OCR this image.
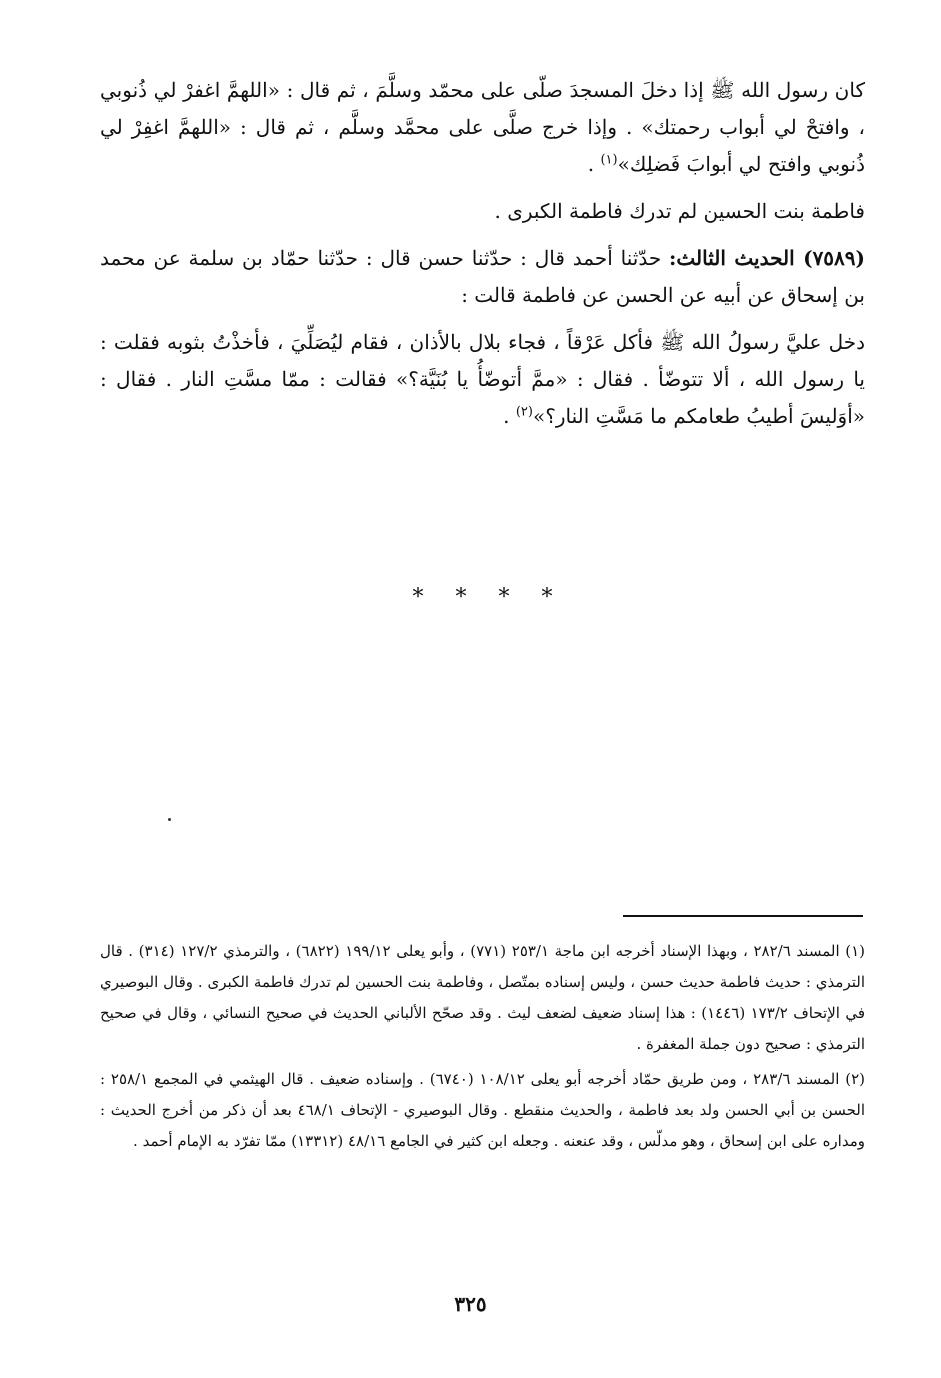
كان رسول الله ﷺ إذا دخلَ المسجدَ صلّى على محمّد وسلَّمَ ، ثم قال : «اللهمَّ اغفرْ لي ذُنوبي ، وافتحْ لي أبواب رحمتك» . وإذا خرج صلَّى على محمَّد وسلَّم ، ثم قال : «اللهمَّ اغفِرْ لي ذُنوبي وافتح لي أبوابَ فَضلِك»$^{(١)}$ .

فاطمة بنت الحسين لم تدرك فاطمة الكبرى .

(٧٥٨٩) الحديث الثالث: حدّثنا أحمد قال : حدّثنا حسن قال : حدّثنا حمّاد بن سلمة عن محمد بن إسحاق عن أبيه عن الحسن عن فاطمة قالت :

دخل عليَّ رسولُ الله ﷺ فأكل عَرْقاً ، فجاء بلال بالأذان ، فقام ليُصَلِّيَ ، فأخذْتُ بثوبه فقلت : يا رسول الله ، ألا تتوضّأ . فقال : «ممَّ أتوضّأُ يا بُنَيَّة؟» فقالت : ممّا مسَّتِ النار . فقال : «أوَليسَ أطيبُ طعامكم ما مَسَّتِ النار؟»$^{(٢)}$ .

* * * *

(١) المسند ٢٨٢/٦ ، وبهذا الإسناد أخرجه ابن ماجة ٢٥٣/١ (٧٧١) ، وأبو يعلى ١٩٩/١٢ (٦٨٢٢) ، والترمذي ١٢٧/٢ (٣١٤) . قال الترمذي : حديث فاطمة حديث حسن ، وليس إسناده بمتّصل ، وفاطمة بنت الحسين لم تدرك فاطمة الكبرى . وقال البوصيري في الإتحاف ١٧٣/٢ (١٤٤٦) : هذا إسناد ضعيف لضعف ليث . وقد صحّح الألباني الحديث في صحيح النسائي ، وقال في صحيح الترمذي : صحيح دون جملة المغفرة .

(٢) المسند ٢٨٣/٦ ، ومن طريق حمّاد أخرجه أبو يعلى ١٠٨/١٢ (٦٧٤٠) . وإسناده ضعيف . قال الهيثمي في المجمع ٢٥٨/١ : الحسن بن أبي الحسن ولد بعد فاطمة ، والحديث منقطع . وقال البوصيري - الإتحاف ٤٦٨/١ بعد أن ذكر من أخرج الحديث : ومداره على ابن إسحاق ، وهو مدلّس ، وقد عنعنه . وجعله ابن كثير في الجامع ٤٨/١٦ (١٣٣١٢) ممّا تفرّد به الإمام أحمد .

٣٢٥
